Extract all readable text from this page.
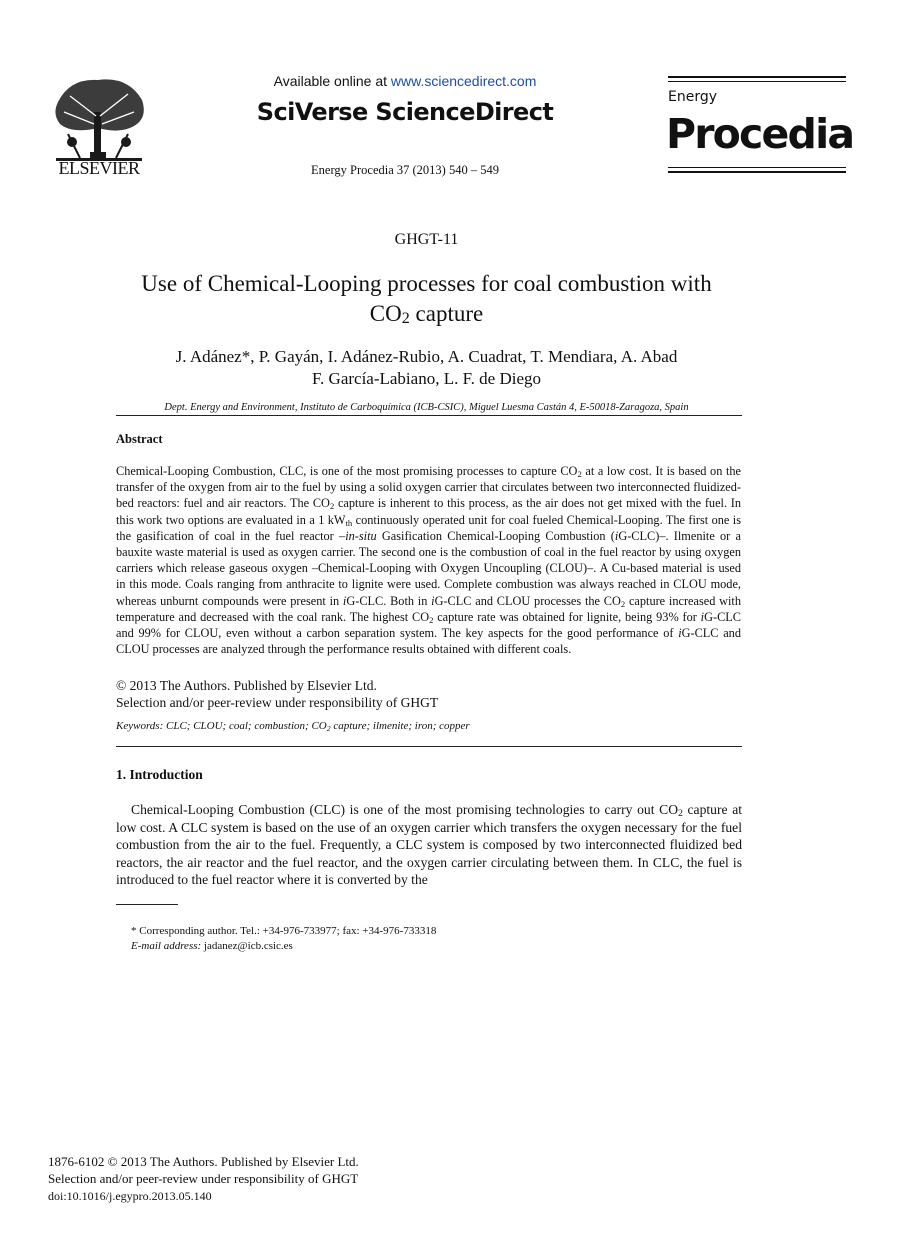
ELSEVIER
Available online at www.sciencedirect.com
SciVerse ScienceDirect
Energy Procedia 37 (2013) 540 – 549
Energy
Procedia
GHGT-11
Use of Chemical-Looping processes for coal combustion with
$CO_2$ capture
J. Adánez*, P. Gayán, I. Adánez-Rubio, A. Cuadrat, T. Mendiara, A. Abad
F. García-Labiano, L. F. de Diego
Dept. Energy and Environment, Instituto de Carboquímica (ICB-CSIC), Miguel Luesma Castán 4, E-50018-Zaragoza, Spain
Abstract
Chemical-Looping Combustion, CLC, is one of the most promising processes to capture $CO_2$ at a low cost. It is based on the transfer of the oxygen from air to the fuel by using a solid oxygen carrier that circulates between two interconnected fluidized-bed reactors: fuel and air reactors. The $CO_2$ capture is inherent to this process, as the air does not get mixed with the fuel. In this work two options are evaluated in a 1 $kW_{th}$ continuously operated unit for coal fueled Chemical-Looping. The first one is the gasification of coal in the fuel reactor –in-situ Gasification Chemical-Looping Combustion (iG-CLC)–. Ilmenite or a bauxite waste material is used as oxygen carrier. The second one is the combustion of coal in the fuel reactor by using oxygen carriers which release gaseous oxygen –Chemical-Looping with Oxygen Uncoupling (CLOU)–. A Cu-based material is used in this mode. Coals ranging from anthracite to lignite were used. Complete combustion was always reached in CLOU mode, whereas unburnt compounds were present in iG-CLC. Both in iG-CLC and CLOU processes the $CO_2$ capture increased with temperature and decreased with the coal rank. The highest $CO_2$ capture rate was obtained for lignite, being 93% for iG-CLC and 99% for CLOU, even without a carbon separation system. The key aspects for the good performance of iG-CLC and CLOU processes are analyzed through the performance results obtained with different coals.
© 2013 The Authors. Published by Elsevier Ltd.
Selection and/or peer-review under responsibility of GHGT
Keywords: CLC; CLOU; coal; combustion; $CO_2$ capture; ilmenite; iron; copper
1. Introduction
Chemical-Looping Combustion (CLC) is one of the most promising technologies to carry out $CO_2$ capture at low cost. A CLC system is based on the use of an oxygen carrier which transfers the oxygen necessary for the fuel combustion from the air to the fuel. Frequently, a CLC system is composed by two interconnected fluidized bed reactors, the air reactor and the fuel reactor, and the oxygen carrier circulating between them. In CLC, the fuel is introduced to the fuel reactor where it is converted by the
* Corresponding author. Tel.: +34-976-733977; fax: +34-976-733318
E-mail address: jadanez@icb.csic.es
1876-6102 © 2013 The Authors. Published by Elsevier Ltd.
Selection and/or peer-review under responsibility of GHGT
doi:10.1016/j.egypro.2013.05.140
